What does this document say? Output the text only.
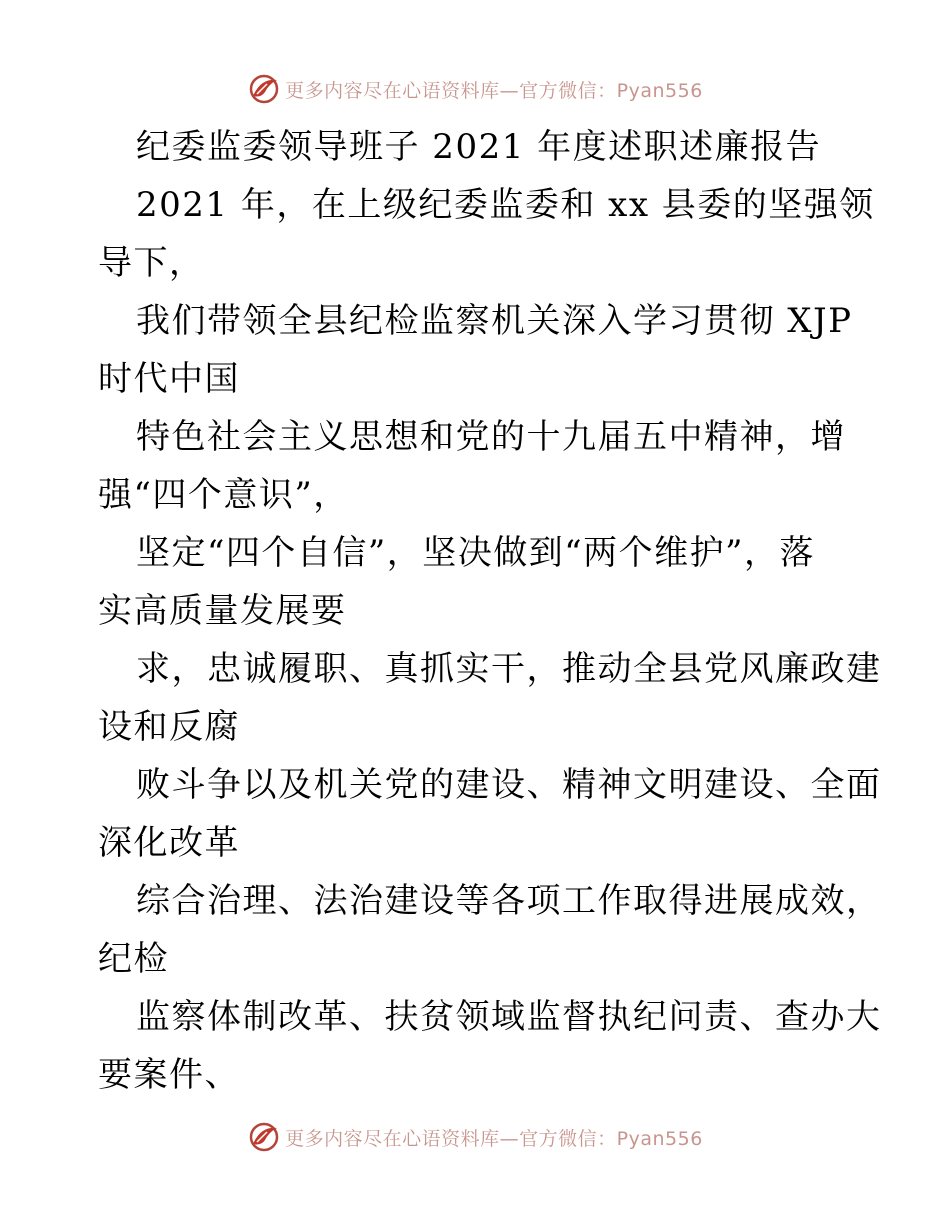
更多内容尽在心语资料库—官方微信：Pyan556

纪委监委领导班子 2021 年度述职述廉报告

2021 年，在上级纪委监委和 xx 县委的坚强领

导下，

我们带领全县纪检监察机关深入学习贯彻 XJP

时代中国

特色社会主义思想和党的十九届五中精神，增

强“四个意识”，

坚定“四个自信”，坚决做到“两个维护”，落

实高质量发展要

求，忠诚履职、真抓实干，推动全县党风廉政建

设和反腐

败斗争以及机关党的建设、精神文明建设、全面

深化改革

综合治理、法治建设等各项工作取得进展成效，

纪检

监察体制改革、扶贫领域监督执纪问责、查办大

要案件、

更多内容尽在心语资料库—官方微信：Pyan556
